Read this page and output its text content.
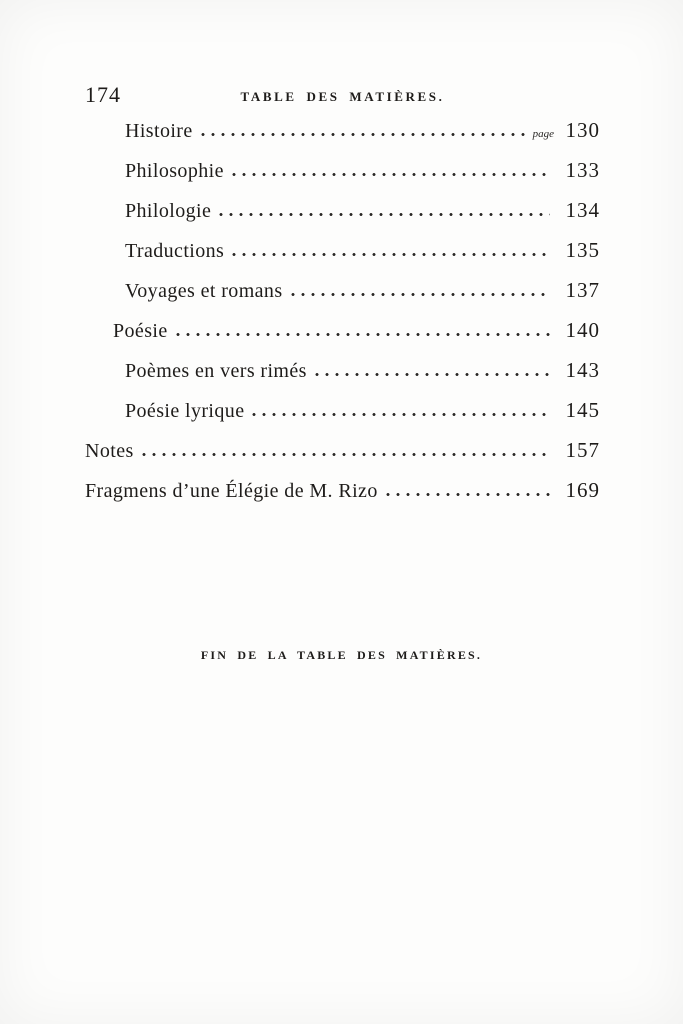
174	TABLE DES MATIÈRES.
Histoire	page 130
Philosophie	133
Philologie	134
Traductions	135
Voyages et romans	137
Poésie	140
Poèmes en vers rimés	143
Poésie lyrique	145
Notes	157
Fragmens d’une Élégie de M. Rizo	169
FIN DE LA TABLE DES MATIÈRES.
